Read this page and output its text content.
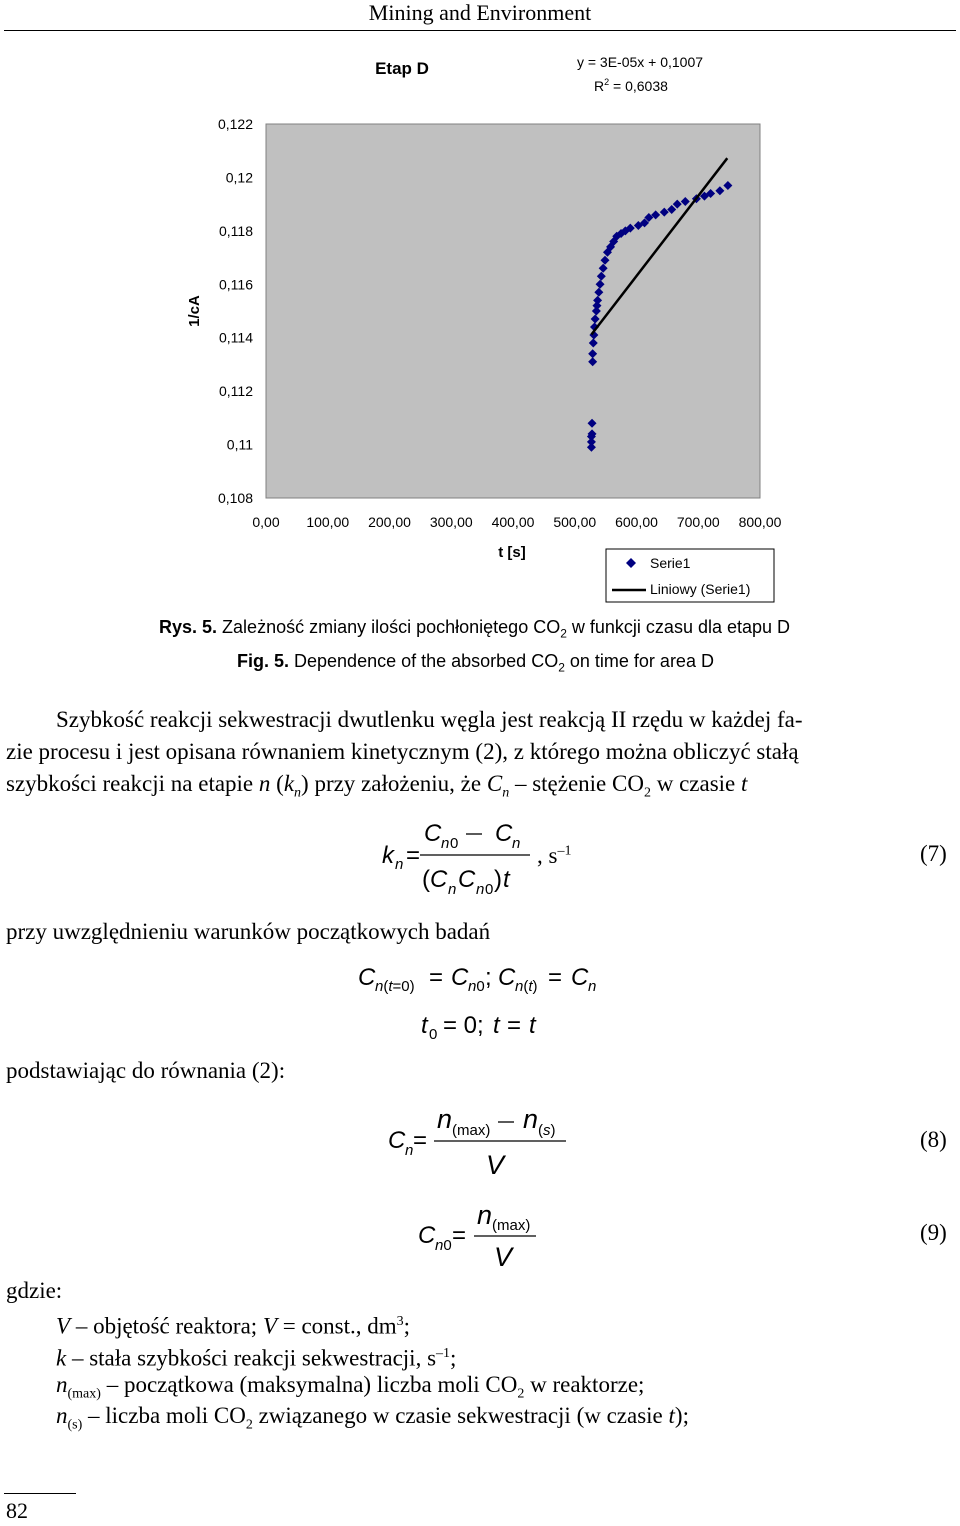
Mining and Environment
Etap D	y = 3E-05x + 0,1007
$R^2 = 0,6038$
0,122
0,12
0,118
0,116
0,114
0,112
0,11
0,108
0,00 100,00 200,00 300,00 400,00 500,00 600,00 700,00 800,00
1/cA
t [s]
Serie1
Liniowy (Serie1)
Rys. 5. Zależność zmiany ilości pochłoniętego $CO_2$ w funkcji czasu dla etapu D
Fig. 5. Dependence of the absorbed $CO_2$ on time for area D
Szybkość reakcji sekwestracji dwutlenku węgla jest reakcją II rzędu w każdej fa-
zie procesu i jest opisana równaniem kinetycznym (2), z którego można obliczyć stałą
szybkości reakcji na etapie n $(k_n)$ przy założeniu, że $C_n$ – stężenie $CO_2$ w czasie t
k n =
C n 0 C n
( C n C n 0 ) t
, $s^{-1}$	(7)
przy uwzględnieniu warunków początkowych badań
C n(t=0) = C n0 ; C n(t) = C n
t 0 = 0; t = t
podstawiając do równania (2):
C n =
n (max) n (s)
V
(8)
C n0 =
n (max)
V
(9)
gdzie:
V – objętość reaktora; V = const., $dm^3$;
k – stała szybkości reakcji sekwestracji, $s^{-1}$;
$n_{(max)}$ – początkowa (maksymalna) liczba moli $CO_2$ w reaktorze;
$n_{(s)}$ – liczba moli $CO_2$ związanego w czasie sekwestracji (w czasie t);
82
